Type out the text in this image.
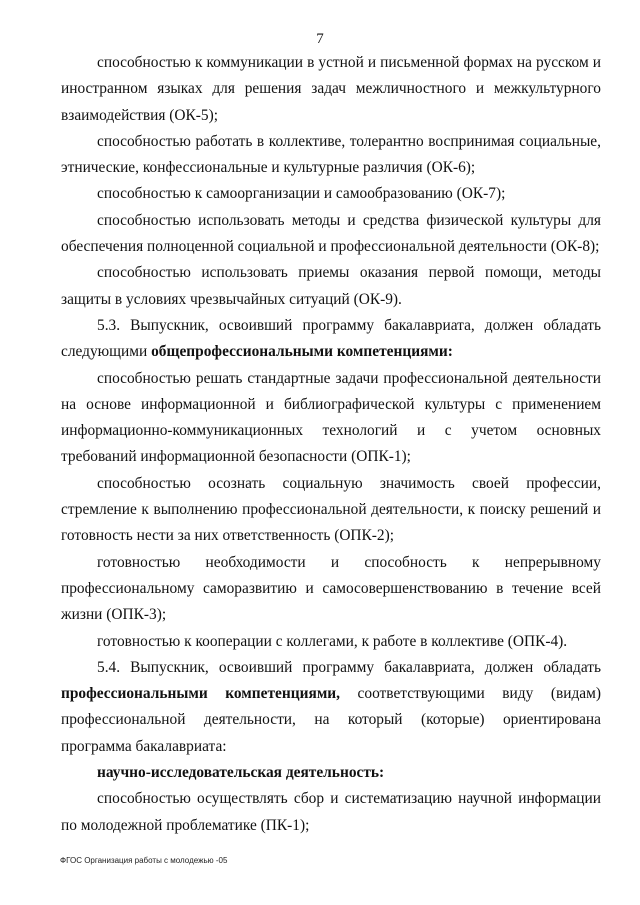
7

способностью к коммуникации в устной и письменной формах на русском и иностранном языках для решения задач межличностного и межкультурного взаимодействия (ОК-5);

способностью работать в коллективе, толерантно воспринимая социальные, этнические, конфессиональные и культурные различия (ОК-6);

способностью к самоорганизации и самообразованию (ОК-7);

способностью использовать методы и средства физической культуры для обеспечения полноценной социальной и профессиональной деятельности (ОК-8);

способностью использовать приемы оказания первой помощи, методы защиты в условиях чрезвычайных ситуаций (ОК-9).

5.3. Выпускник, освоивший программу бакалавриата, должен обладать следующими общепрофессиональными компетенциями:

способностью решать стандартные задачи профессиональной деятельности на основе информационной и библиографической культуры с применением информационно-коммуникационных технологий и с учетом основных требований информационной безопасности (ОПК-1);

способностью осознать социальную значимость своей профессии, стремление к выполнению профессиональной деятельности, к поиску решений и готовность нести за них ответственность (ОПК-2);

готовностью необходимости и способность к непрерывному профессиональному саморазвитию и самосовершенствованию в течение всей жизни (ОПК-3);

готовностью к кооперации с коллегами, к работе в коллективе (ОПК-4).

5.4. Выпускник, освоивший программу бакалавриата, должен обладать профессиональными компетенциями, соответствующими виду (видам) профессиональной деятельности, на который (которые) ориентирована программа бакалавриата:

научно-исследовательская деятельность:

способностью осуществлять сбор и систематизацию научной информации по молодежной проблематике (ПК-1);

ФГОС Организация работы с молодежью -05
